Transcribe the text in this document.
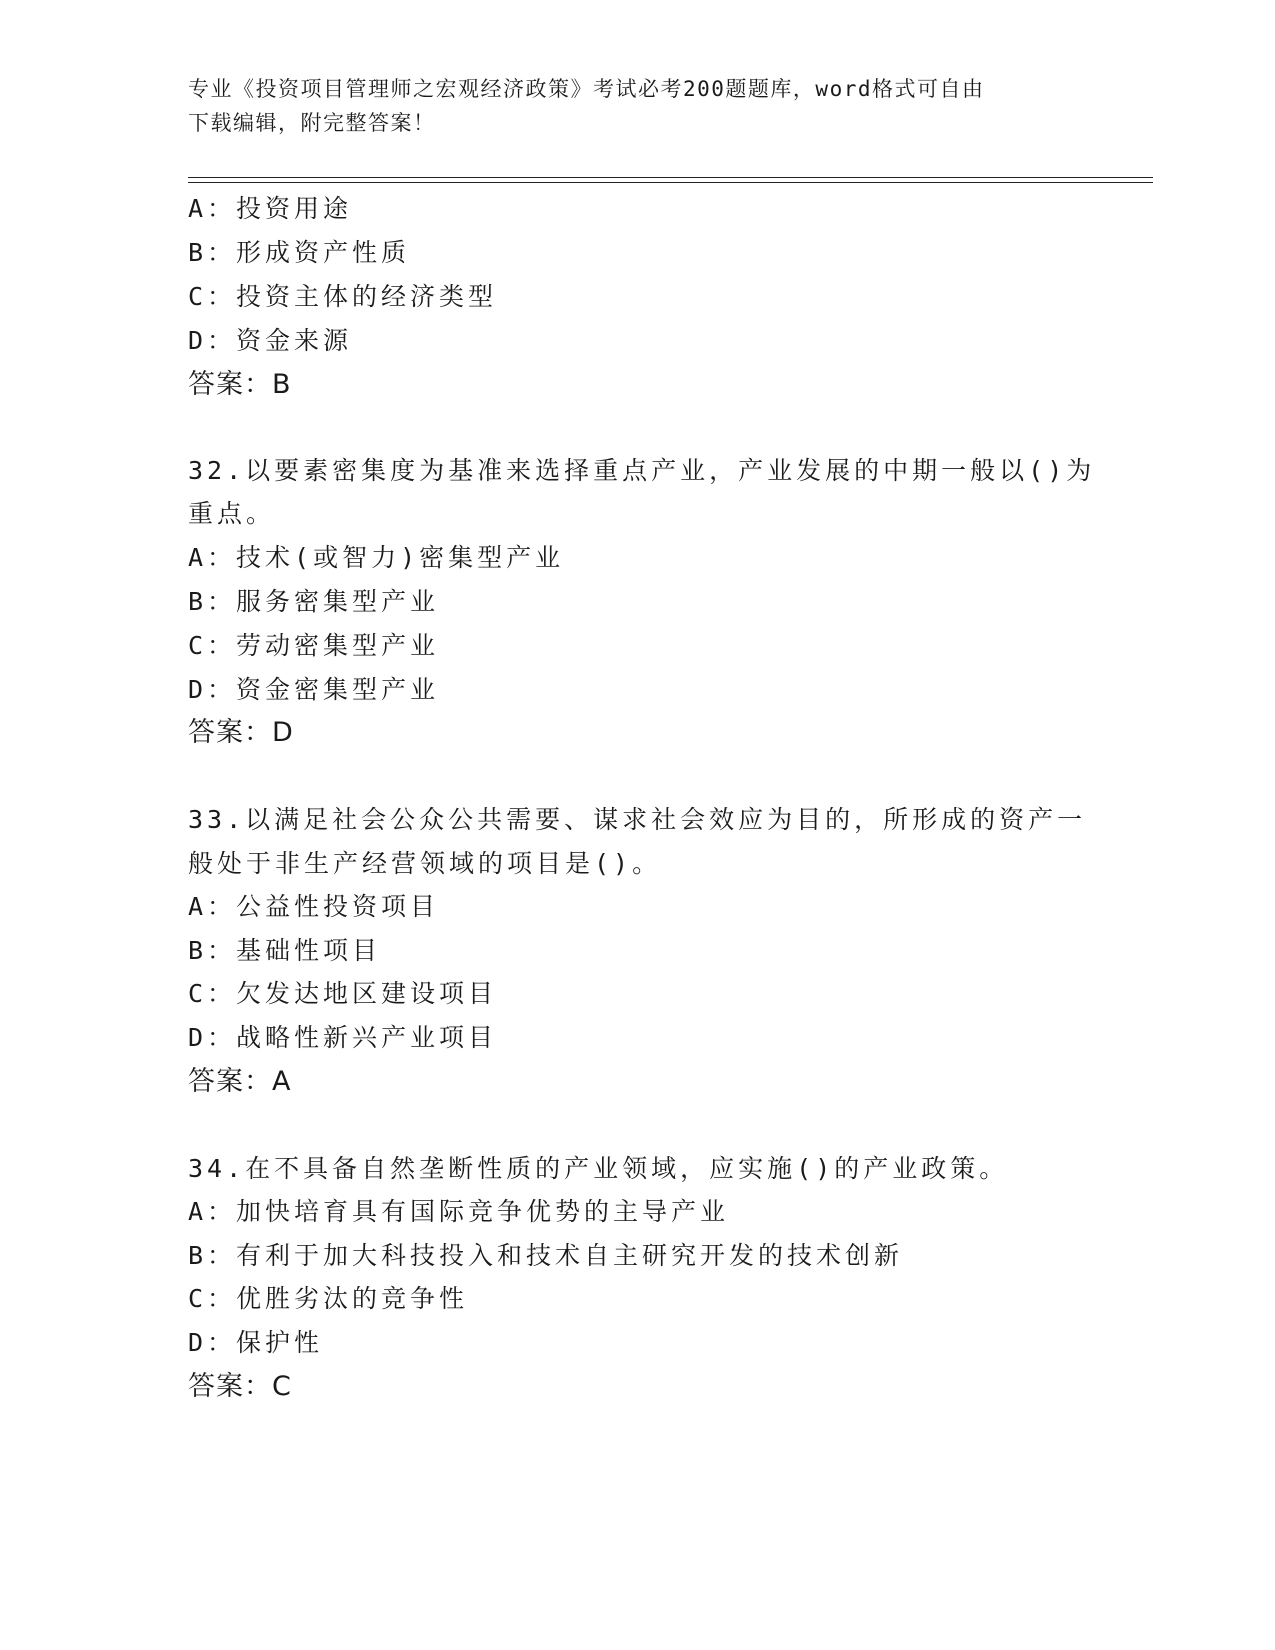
专业《投资项目管理师之宏观经济政策》考试必考200题题库，word格式可自由
下载编辑，附完整答案！
A：投资用途
B：形成资产性质
C：投资主体的经济类型
D：资金来源
答案：B
32.以要素密集度为基准来选择重点产业，产业发展的中期一般以()为
重点。
A：技术(或智力)密集型产业
B：服务密集型产业
C：劳动密集型产业
D：资金密集型产业
答案：D
33.以满足社会公众公共需要、谋求社会效应为目的，所形成的资产一
般处于非生产经营领域的项目是()。
A：公益性投资项目
B：基础性项目
C：欠发达地区建设项目
D：战略性新兴产业项目
答案：A
34.在不具备自然垄断性质的产业领域，应实施()的产业政策。
A：加快培育具有国际竞争优势的主导产业
B：有利于加大科技投入和技术自主研究开发的技术创新
C：优胜劣汰的竞争性
D：保护性
答案：C
